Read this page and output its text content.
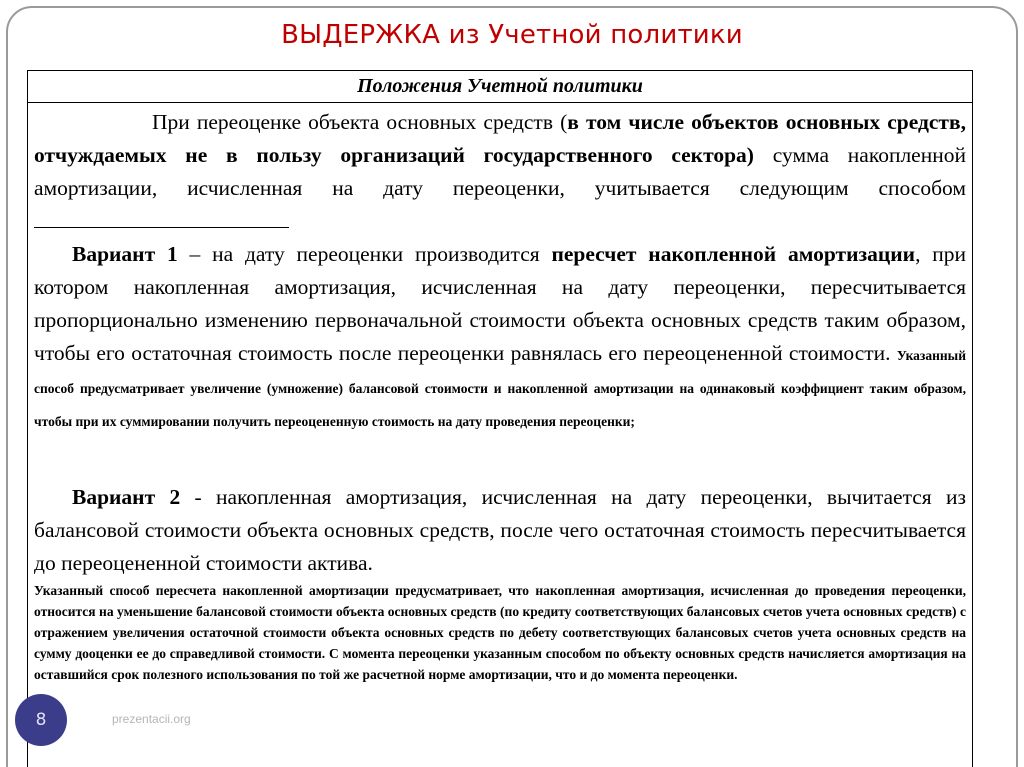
ВЫДЕРЖКА из Учетной политики
Положения Учетной политики

При переоценке объекта основных средств (в том числе объектов основных средств, отчуждаемых не в пользу организаций государственного сектора) сумма накопленной амортизации, исчисленная на дату переоценки, учитывается следующим способом

Вариант 1 – на дату переоценки производится пересчет накопленной амортизации, при котором накопленная амортизация, исчисленная на дату переоценки, пересчитывается пропорционально изменению первоначальной стоимости объекта основных средств таким образом, чтобы его остаточная стоимость после переоценки равнялась его переоцененной стоимости. Указанный способ предусматривает увеличение (умножение) балансовой стоимости и накопленной амортизации на одинаковый коэффициент таким образом, чтобы при их суммировании получить переоцененную стоимость на дату проведения переоценки;

Вариант 2 - накопленная амортизация, исчисленная на дату переоценки, вычитается из балансовой стоимости объекта основных средств, после чего остаточная стоимость пересчитывается до переоцененной стоимости актива.

Указанный способ пересчета накопленной амортизации предусматривает, что накопленная амортизация, исчисленная до проведения переоценки, относится на уменьшение балансовой стоимости объекта основных средств (по кредиту соответствующих балансовых счетов учета основных средств) с отражением увеличения остаточной стоимости объекта основных средств по дебету соответствующих балансовых счетов учета основных средств на сумму дооценки ее до справедливой стоимости. С момента переоценки указанным способом по объекту основных средств начисляется амортизация на оставшийся срок полезного использования по той же расчетной норме амортизации, что и до момента переоценки.

8	prezentacii.org
